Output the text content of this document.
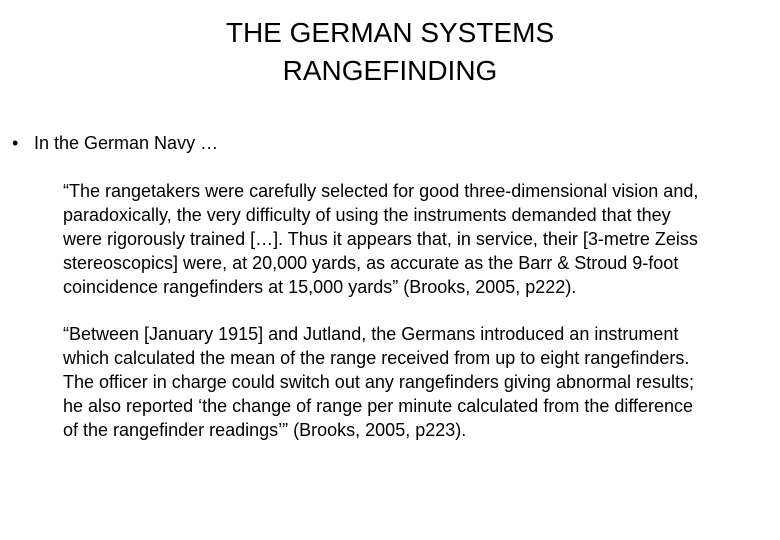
THE GERMAN SYSTEMS
RANGEFINDING
• In the German Navy …
“The rangetakers were carefully selected for good three-dimensional vision and,
paradoxically, the very difficulty of using the instruments demanded that they
were rigorously trained […]. Thus it appears that, in service, their [3-metre Zeiss
stereoscopics] were, at 20,000 yards, as accurate as the Barr & Stroud 9-foot
coincidence rangefinders at 15,000 yards” (Brooks, 2005, p222).
“Between [January 1915] and Jutland, the Germans introduced an instrument
which calculated the mean of the range received from up to eight rangefinders.
The officer in charge could switch out any rangefinders giving abnormal results;
he also reported ‘the change of range per minute calculated from the difference
of the rangefinder readings’” (Brooks, 2005, p223).
